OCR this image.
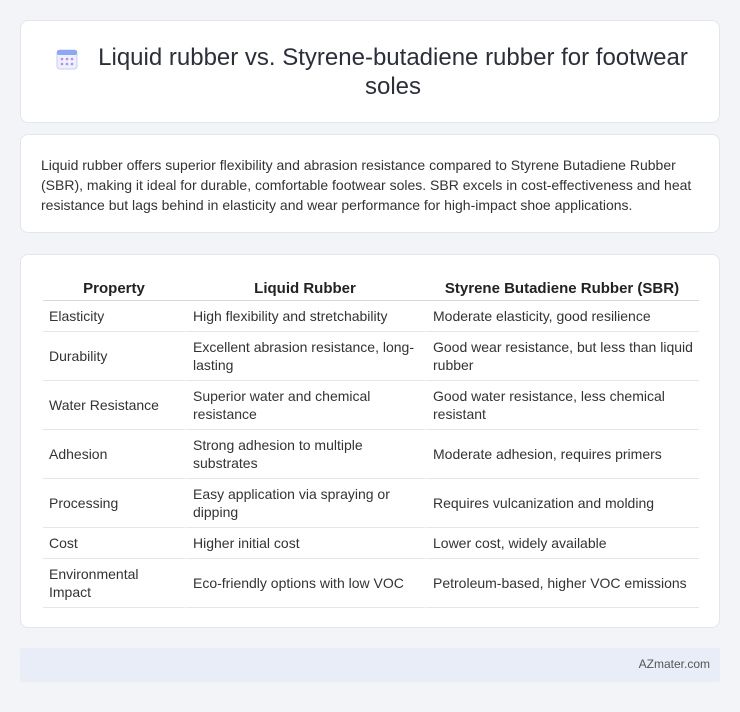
Liquid rubber vs. Styrene-butadiene rubber for footwear soles

Liquid rubber offers superior flexibility and abrasion resistance compared to Styrene Butadiene Rubber (SBR), making it ideal for durable, comfortable footwear soles. SBR excels in cost-effectiveness and heat resistance but lags behind in elasticity and wear performance for high-impact shoe applications.

Property	Liquid Rubber	Styrene Butadiene Rubber (SBR)
Elasticity	High flexibility and stretchability	Moderate elasticity, good resilience
Durability	Excellent abrasion resistance, long-lasting	Good wear resistance, but less than liquid rubber
Water Resistance	Superior water and chemical resistance	Good water resistance, less chemical resistant
Adhesion	Strong adhesion to multiple substrates	Moderate adhesion, requires primers
Processing	Easy application via spraying or dipping	Requires vulcanization and molding
Cost	Higher initial cost	Lower cost, widely available
Environmental Impact	Eco-friendly options with low VOC	Petroleum-based, higher VOC emissions
AZmater.com
